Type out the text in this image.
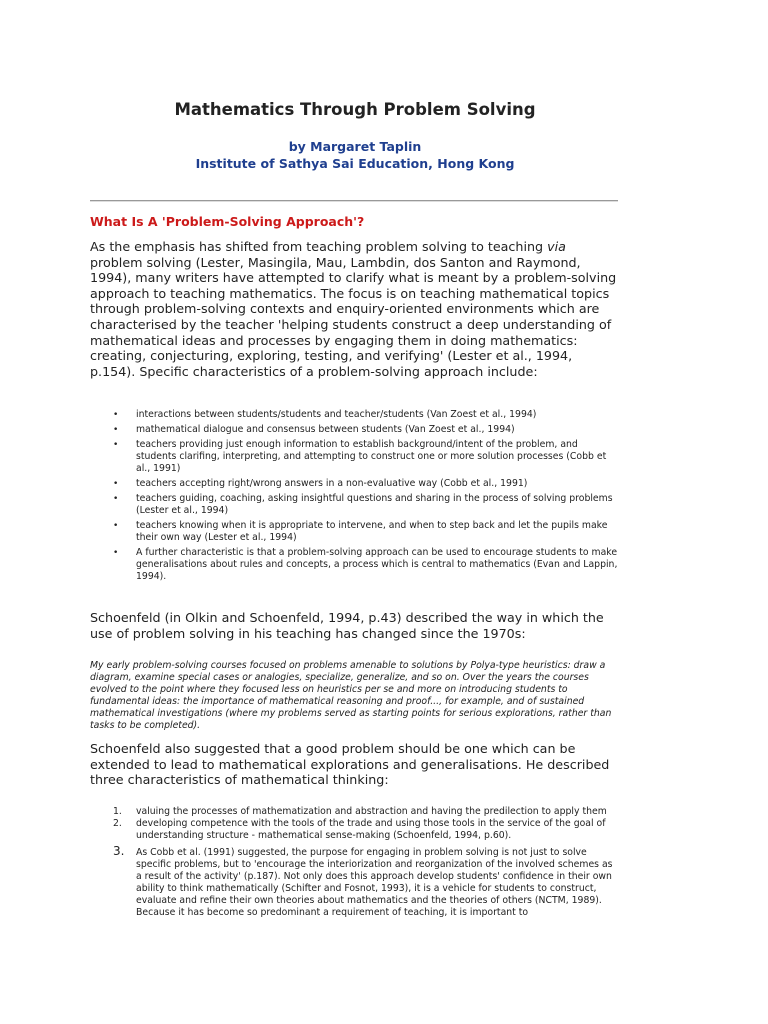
Mathematics Through Problem Solving
by Margaret Taplin
Institute of Sathya Sai Education, Hong Kong
What Is A 'Problem-Solving Approach'?

As the emphasis has shifted from teaching problem solving to teaching via problem solving (Lester, Masingila, Mau, Lambdin, dos Santon and Raymond, 1994), many writers have attempted to clarify what is meant by a problem-solving approach to teaching mathematics. The focus is on teaching mathematical topics through problem-solving contexts and enquiry-oriented environments which are characterised by the teacher 'helping students construct a deep understanding of mathematical ideas and processes by engaging them in doing mathematics: creating, conjecturing, exploring, testing, and verifying' (Lester et al., 1994, p.154). Specific characteristics of a problem-solving approach include:

• interactions between students/students and teacher/students (Van Zoest et al., 1994)
• mathematical dialogue and consensus between students (Van Zoest et al., 1994)
• teachers providing just enough information to establish background/intent of the problem, and students clarifing, interpreting, and attempting to construct one or more solution processes (Cobb et al., 1991)
• teachers accepting right/wrong answers in a non-evaluative way (Cobb et al., 1991)
• teachers guiding, coaching, asking insightful questions and sharing in the process of solving problems (Lester et al., 1994)
• teachers knowing when it is appropriate to intervene, and when to step back and let the pupils make their own way (Lester et al., 1994)
• A further characteristic is that a problem-solving approach can be used to encourage students to make generalisations about rules and concepts, a process which is central to mathematics (Evan and Lappin, 1994).

Schoenfeld (in Olkin and Schoenfeld, 1994, p.43) described the way in which the use of problem solving in his teaching has changed since the 1970s:

My early problem-solving courses focused on problems amenable to solutions by Polya-type heuristics: draw a diagram, examine special cases or analogies, specialize, generalize, and so on. Over the years the courses evolved to the point where they focused less on heuristics per se and more on introducing students to fundamental ideas: the importance of mathematical reasoning and proof..., for example, and of sustained mathematical investigations (where my problems served as starting points for serious explorations, rather than tasks to be completed).

Schoenfeld also suggested that a good problem should be one which can be extended to lead to mathematical explorations and generalisations. He described three characteristics of mathematical thinking:

1. valuing the processes of mathematization and abstraction and having the predilection to apply them
2. developing competence with the tools of the trade and using those tools in the service of the goal of understanding structure - mathematical sense-making (Schoenfeld, 1994, p.60).
3. As Cobb et al. (1991) suggested, the purpose for engaging in problem solving is not just to solve specific problems, but to 'encourage the interiorization and reorganization of the involved schemes as a result of the activity' (p.187). Not only does this approach develop students' confidence in their own ability to think mathematically (Schifter and Fosnot, 1993), it is a vehicle for students to construct, evaluate and refine their own theories about mathematics and the theories of others (NCTM, 1989). Because it has become so predominant a requirement of teaching, it is important to
